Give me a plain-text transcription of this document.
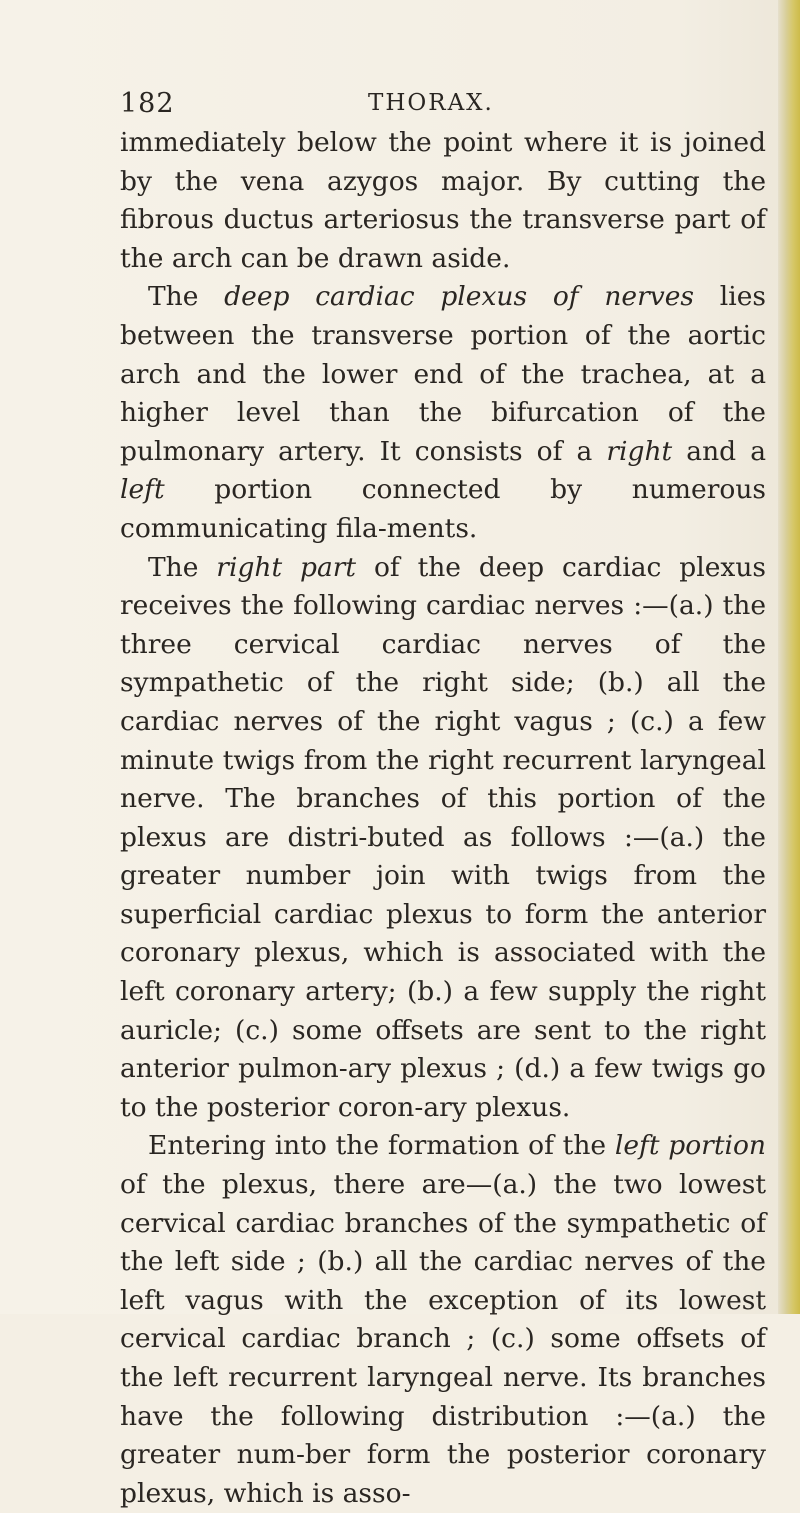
182	THORAX.

immediately below the point where it is joined by the vena azygos major. By cutting the fibrous ductus arteriosus the transverse part of the arch can be drawn aside.

The deep cardiac plexus of nerves lies between the transverse portion of the aortic arch and the lower end of the trachea, at a higher level than the bifurcation of the pulmonary artery. It consists of a right and a left portion connected by numerous communicating fila-ments.

The right part of the deep cardiac plexus receives the following cardiac nerves :—(a.) the three cervical cardiac nerves of the sympathetic of the right side; (b.) all the cardiac nerves of the right vagus ; (c.) a few minute twigs from the right recurrent laryngeal nerve. The branches of this portion of the plexus are distri-buted as follows :—(a.) the greater number join with twigs from the superficial cardiac plexus to form the anterior coronary plexus, which is associated with the left coronary artery; (b.) a few supply the right auricle; (c.) some offsets are sent to the right anterior pulmon-ary plexus ; (d.) a few twigs go to the posterior coron-ary plexus.

Entering into the formation of the left portion of the plexus, there are—(a.) the two lowest cervical cardiac branches of the sympathetic of the left side ; (b.) all the cardiac nerves of the left vagus with the exception of its lowest cervical cardiac branch ; (c.) some offsets of the left recurrent laryngeal nerve. Its branches have the following distribution :—(a.) the greater num-ber form the posterior coronary plexus, which is asso-
